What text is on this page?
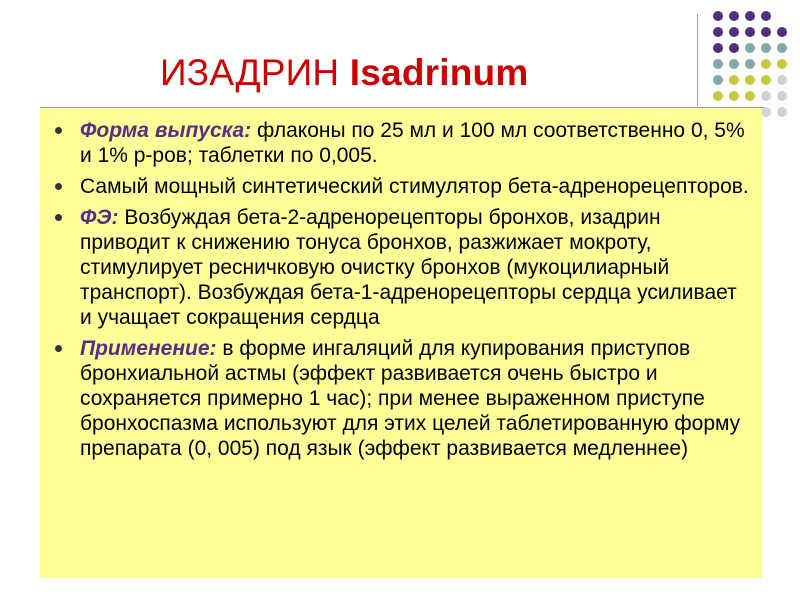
ИЗАДРИН Isadrinum
Форма выпуска: флаконы по 25 мл и 100 мл соответственно 0, 5% и 1% р-ров; таблетки по 0,005.
Самый мощный синтетический стимулятор бета-адренорецепторов.
ФЭ: Возбуждая бета-2-адренорецепторы бронхов, изадрин приводит к снижению тонуса бронхов, разжижает мокроту, стимулирует ресничковую очистку бронхов (мукоцилиарный транспорт). Возбуждая бета-1-адренорецепторы сердца усиливает и учащает сокращения сердца
Применение: в форме ингаляций для купирования приступов бронхиальной астмы (эффект развивается очень быстро и сохраняется примерно 1 час); при менее выраженном приступе бронхоспазма используют для этих целей таблетированную форму препарата (0, 005) под язык (эффект развивается медленнее)
